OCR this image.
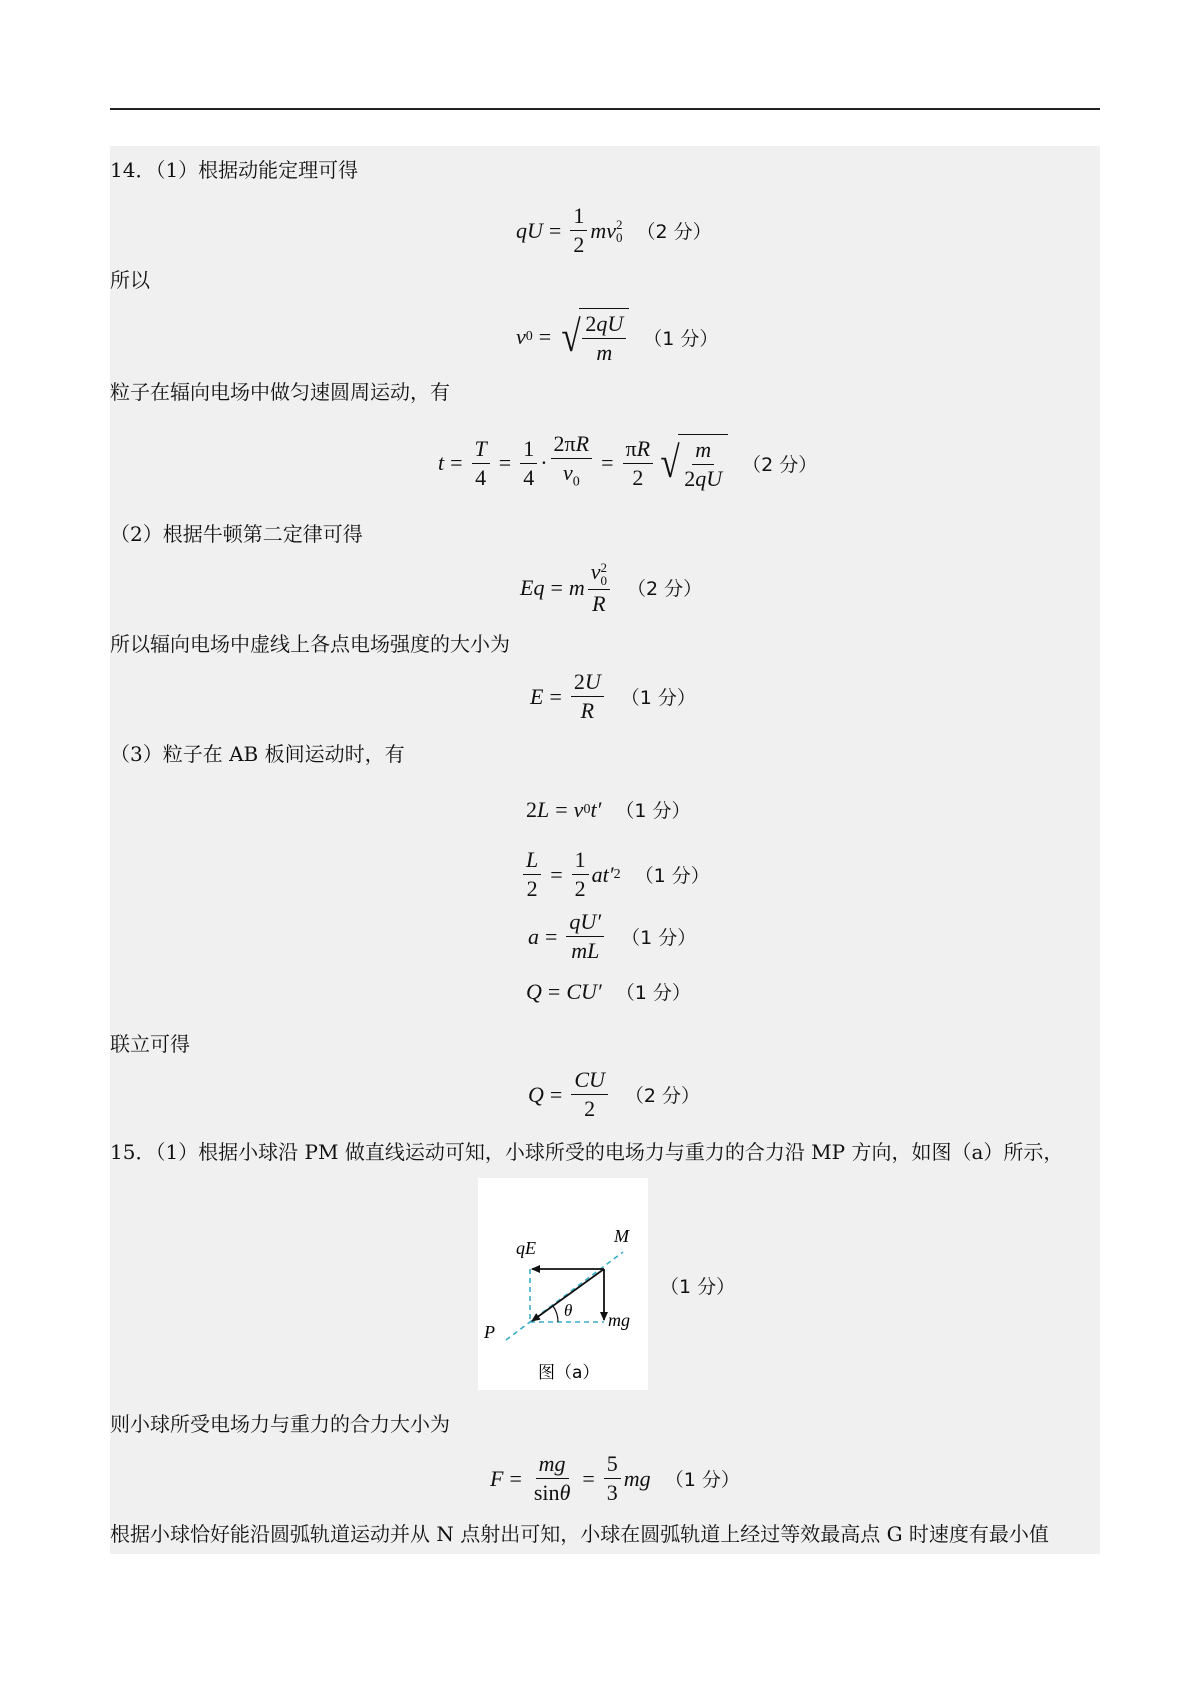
14．（1）根据动能定理可得
qU = $\frac{1}{2}$ mv 2
0 （2 分）
所以
v 0 = √ $\frac{2qU}{m} (1$ 分）
粒子在辐向电场中做匀速圆周运动，有
$t = \frac{T}{4} = \frac{1}{4} \cdot \frac{2\pi R}{v_0} = \frac{\pi R}{2}$ √ $\frac{m}{2qU} (2$ 分）
（2）根据牛顿第二定律可得
Eq = m v 2
0
R （2 分）
所以辐向电场中虚线上各点电场强度的大小为
$E = \frac{2U}{R} (1$ 分）
（3）粒子在 AB 板间运动时，有
2 L = v 0 t′ （1 分）
$\frac{L}{2} = \frac{1}{2} at'$ 2 （1 分）
$a = \frac{qU'}{mL} (1$ 分）
Q = CU′ （1 分）
联立可得
$Q = \frac{CU}{2} (2$ 分）
15．（1）根据小球沿 PM 做直线运动可知，小球所受的电场力与重力的合力沿 MP 方向，如图（a）所示，
qE
M
θ mg
P
图（a）
（1 分）
则小球所受电场力与重力的合力大小为
$F = \frac{mg}{\sin\theta} = \frac{5}{3}$ mg （1 分）
根据小球恰好能沿圆弧轨道运动并从 N 点射出可知，小球在圆弧轨道上经过等效最高点 G 时速度有最小值
